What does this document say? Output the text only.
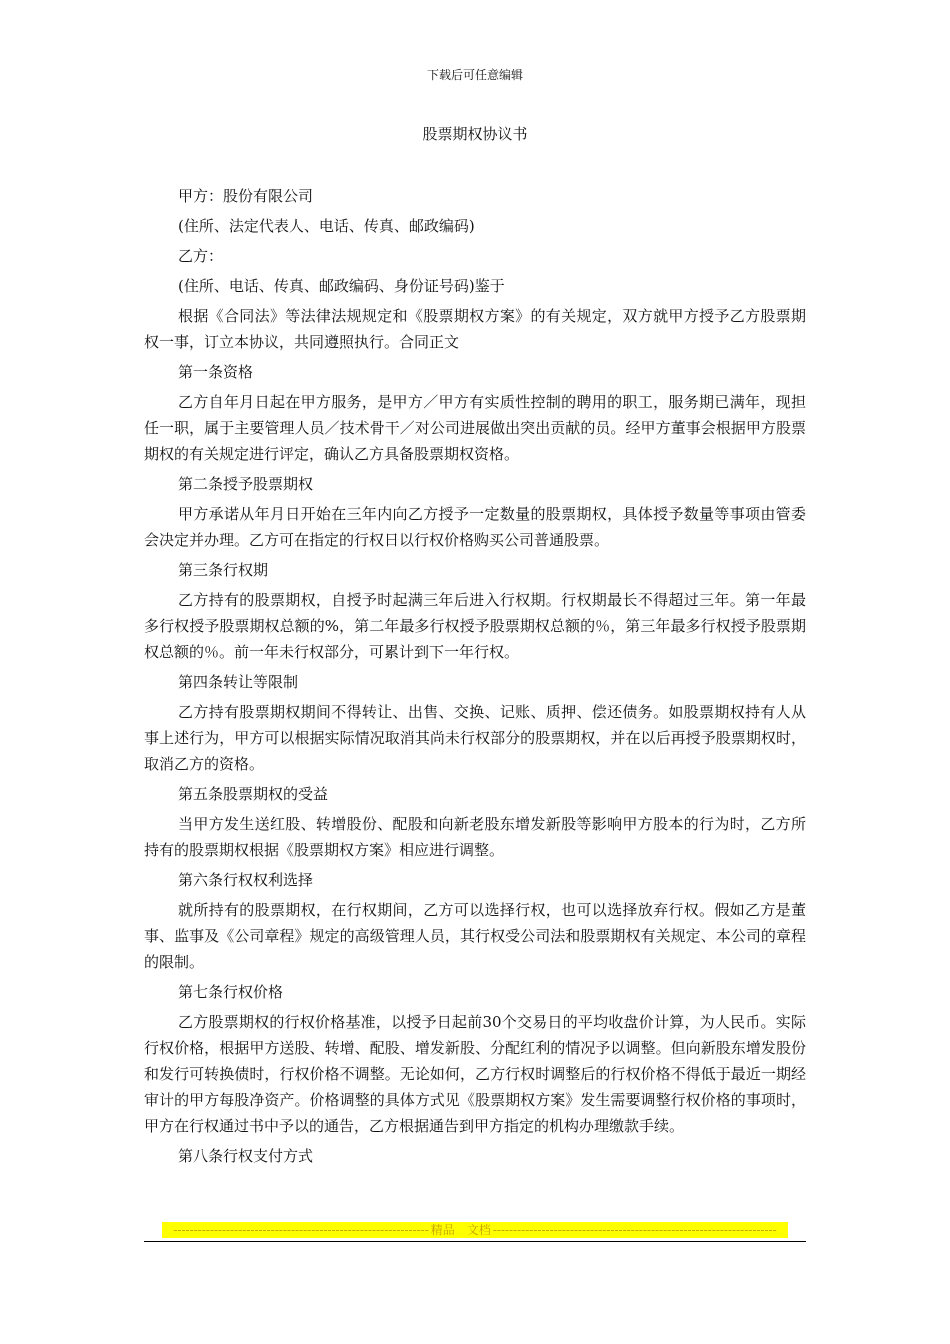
下载后可任意编辑
股票期权协议书

甲方：股份有限公司

(住所、法定代表人、电话、传真、邮政编码)

乙方：

(住所、电话、传真、邮政编码、身份证号码)鉴于

根据《合同法》等法律法规规定和《股票期权方案》的有关规定，双方就甲方授予乙方股票期权一事，订立本协议，共同遵照执行。合同正文

第一条资格

乙方自年月日起在甲方服务，是甲方／甲方有实质性控制的聘用的职工，服务期已满年，现担任一职，属于主要管理人员／技术骨干／对公司进展做出突出贡献的员。经甲方董事会根据甲方股票期权的有关规定进行评定，确认乙方具备股票期权资格。

第二条授予股票期权

甲方承诺从年月日开始在三年内向乙方授予一定数量的股票期权，具体授予数量等事项由管委会决定并办理。乙方可在指定的行权日以行权价格购买公司普通股票。

第三条行权期

乙方持有的股票期权，自授予时起满三年后进入行权期。行权期最长不得超过三年。第一年最多行权授予股票期权总额的%，第二年最多行权授予股票期权总额的％，第三年最多行权授予股票期权总额的％。前一年未行权部分，可累计到下一年行权。

第四条转让等限制

乙方持有股票期权期间不得转让、出售、交换、记账、质押、偿还债务。如股票期权持有人从事上述行为，甲方可以根据实际情况取消其尚未行权部分的股票期权，并在以后再授予股票期权时，取消乙方的资格。

第五条股票期权的受益

当甲方发生送红股、转增股份、配股和向新老股东增发新股等影响甲方股本的行为时，乙方所持有的股票期权根据《股票期权方案》相应进行调整。

第六条行权权利选择

就所持有的股票期权，在行权期间，乙方可以选择行权，也可以选择放弃行权。假如乙方是董事、监事及《公司章程》规定的高级管理人员，其行权受公司法和股票期权有关规定、本公司的章程的限制。

第七条行权价格

乙方股票期权的行权价格基准，以授予日起前30个交易日的平均收盘价计算，为人民币。实际行权价格，根据甲方送股、转增、配股、增发新股、分配红利的情况予以调整。但向新股东增发股份和发行可转换债时，行权价格不调整。无论如何，乙方行权时调整后的行权价格不得低于最近一期经审计的甲方每股净资产。价格调整的具体方式见《股票期权方案》发生需要调整行权价格的事项时，甲方在行权通过书中予以的通告，乙方根据通告到甲方指定的机构办理缴款手续。

第八条行权支付方式

--------------------------------------------------------------- 精品　文档 ----------------------------------------------------------------------
